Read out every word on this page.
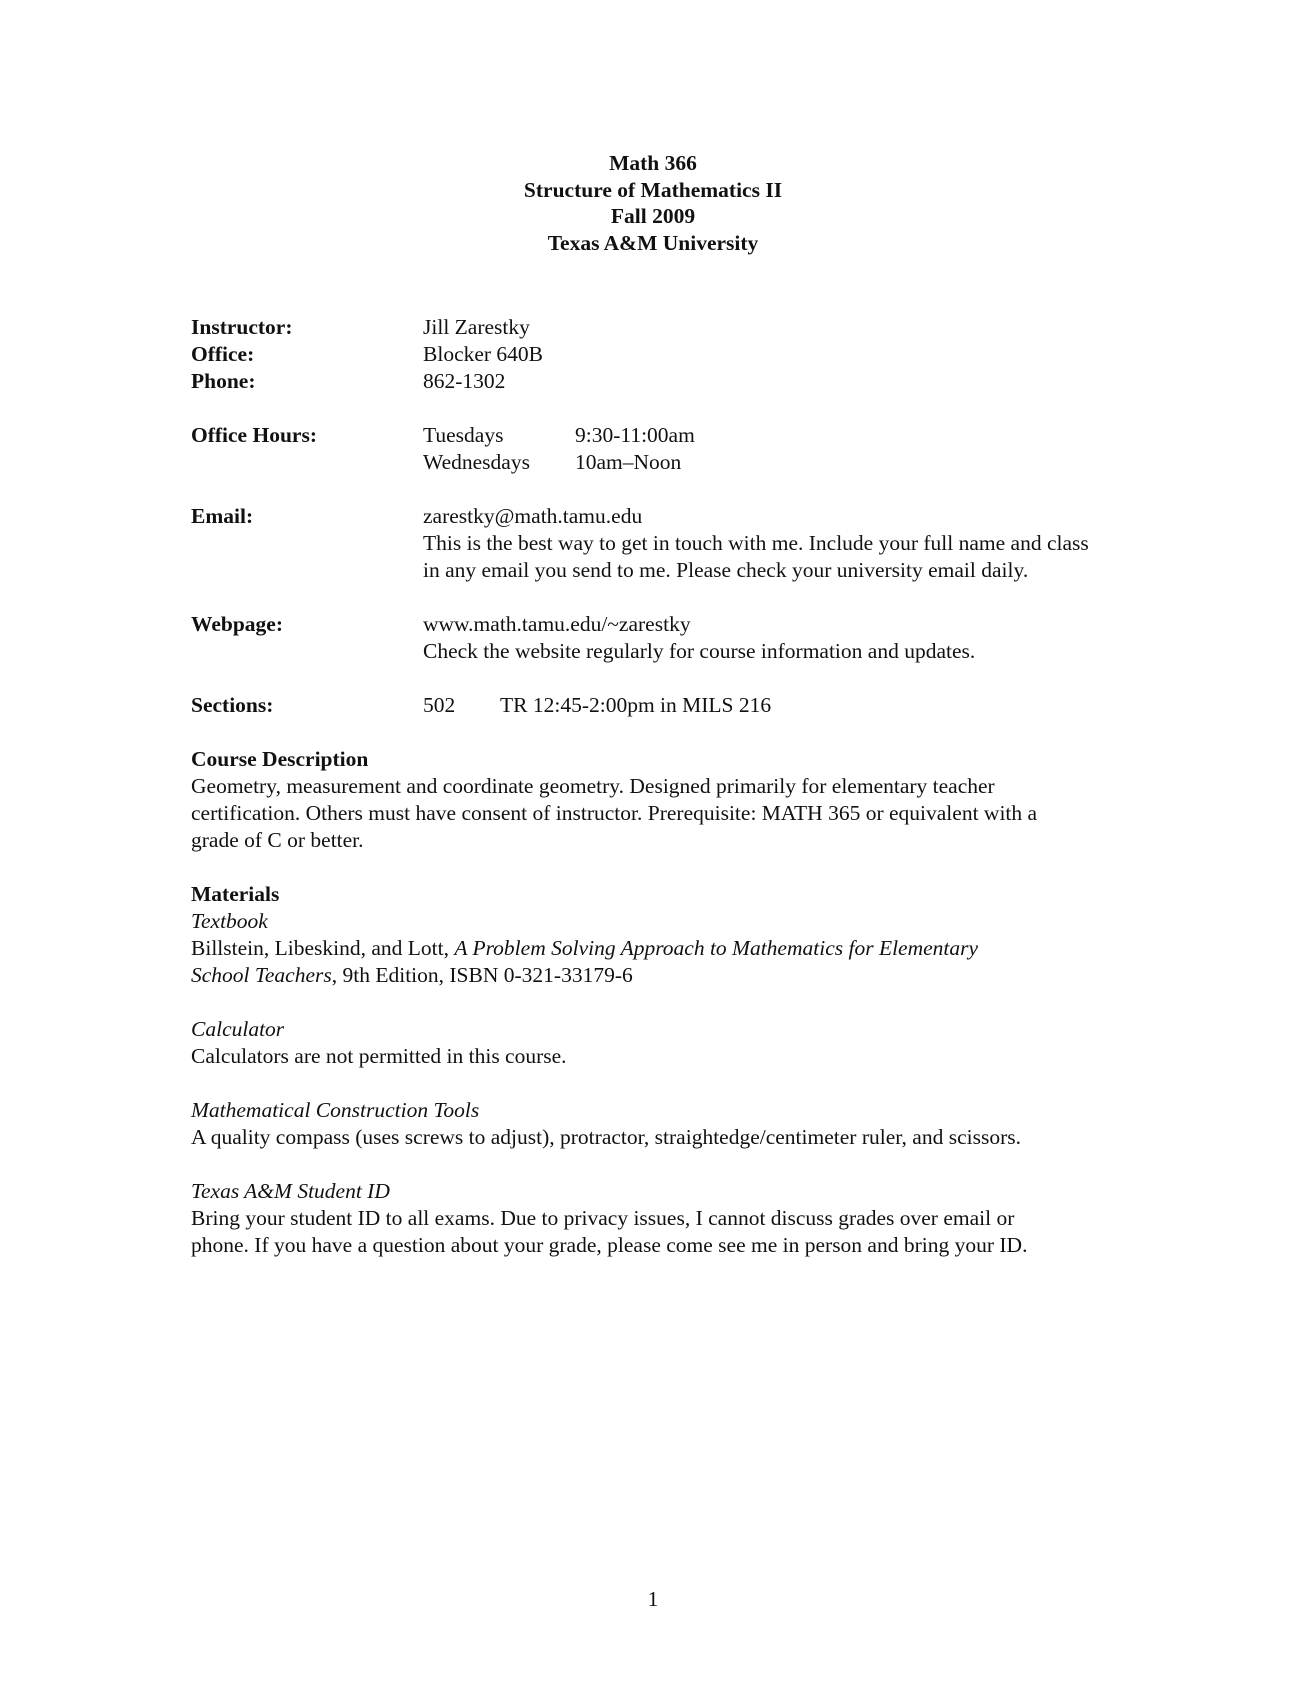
Math 366
Structure of Mathematics II
Fall 2009
Texas A&M University
Instructor:	Jill Zarestky
Office:	Blocker 640B
Phone:	862-1302
Office Hours:	Tuesdays	9:30-11:00am
Wednesdays 10am–Noon
Email:	zarestky@math.tamu.edu
This is the best way to get in touch with me. Include your full name and class
in any email you send to me. Please check your university email daily.
Webpage:	www.math.tamu.edu/~zarestky
Check the website regularly for course information and updates.
Sections:	502 TR 12:45-2:00pm in MILS 216
Course Description
Geometry, measurement and coordinate geometry. Designed primarily for elementary teacher
certification. Others must have consent of instructor. Prerequisite: MATH 365 or equivalent with a
grade of C or better.
Materials
Textbook
Billstein, Libeskind, and Lott, A Problem Solving Approach to Mathematics for Elementary
School Teachers, 9th Edition, ISBN 0-321-33179-6
Calculator
Calculators are not permitted in this course.
Mathematical Construction Tools
A quality compass (uses screws to adjust), protractor, straightedge/centimeter ruler, and scissors.
Texas A&M Student ID
Bring your student ID to all exams. Due to privacy issues, I cannot discuss grades over email or
phone. If you have a question about your grade, please come see me in person and bring your ID.
1
